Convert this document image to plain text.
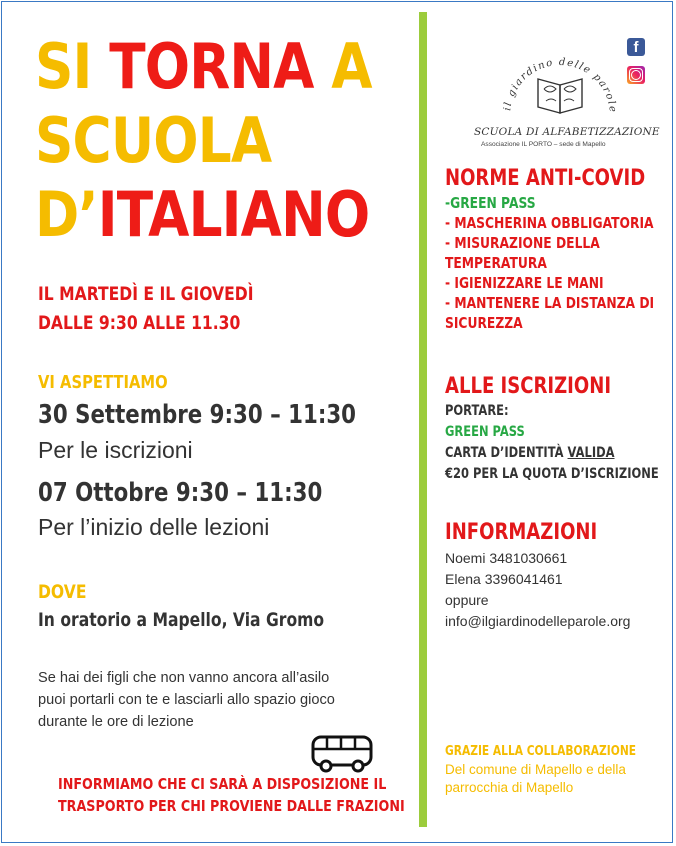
SI TORNA A
SCUOLA
D’ITALIANO
IL MARTEDÌ E IL GIOVEDÌ
DALLE 9:30 ALLE 11.30
VI ASPETTIAMO
30 Settembre 9:30 – 11:30
Per le iscrizioni
07 Ottobre 9:30 – 11:30
Per l’inizio delle lezioni
DOVE
In oratorio a Mapello, Via Gromo
Se hai dei figli che non vanno ancora all’asilo
puoi portarli con te e lasciarli allo spazio gioco
durante le ore di lezione
INFORMIAMO CHE CI SARÀ A DISPOSIZIONE IL
TRASPORTO PER CHI PROVIENE DALLE FRAZIONI
f
il giardino delle parole
SCUOLA DI ALFABETIZZAZIONE
Associazione IL PORTO – sede di Mapello
NORME ANTI-COVID
-GREEN PASS
- MASCHERINA OBBLIGATORIA
- MISURAZIONE DELLA
TEMPERATURA
- IGIENIZZARE LE MANI
- MANTENERE LA DISTANZA DI
SICUREZZA
ALLE ISCRIZIONI
PORTARE:
GREEN PASS
CARTA D’IDENTITÀ VALIDA
€20 PER LA QUOTA D’ISCRIZIONE
INFORMAZIONI
Noemi 3481030661
Elena 3396041461
oppure
info@ilgiardinodelleparole.org
GRAZIE ALLA COLLABORAZIONE
Del comune di Mapello e della
parrocchia di Mapello
